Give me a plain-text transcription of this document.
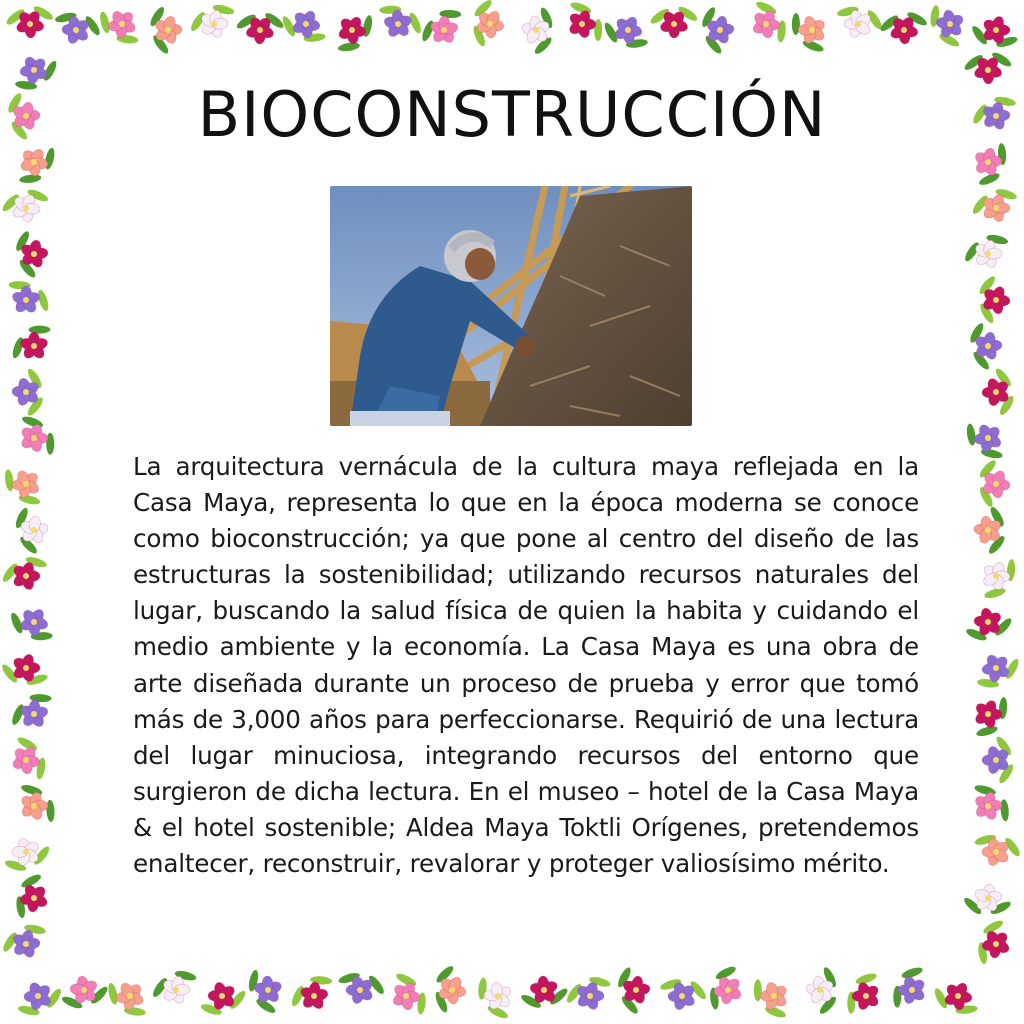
BIOCONSTRUCCIÓN

La arquitectura vernácula de la cultura maya reflejada en la Casa Maya, representa lo que en la época moderna se conoce como bioconstrucción; ya que pone al centro del diseño de las estructuras la sostenibilidad; utilizando recursos naturales del lugar, buscando la salud física de quien la habita y cuidando el medio ambiente y la economía. La Casa Maya es una obra de arte diseñada durante un proceso de prueba y error que tomó más de 3,000 años para perfeccionarse. Requirió de una lectura del lugar minuciosa, integrando recursos del entorno que surgieron de dicha lectura. En el museo – hotel de la Casa Maya & el hotel sostenible; Aldea Maya Toktli Orígenes, pretendemos enaltecer, reconstruir, revalorar y proteger valiosísimo mérito.
